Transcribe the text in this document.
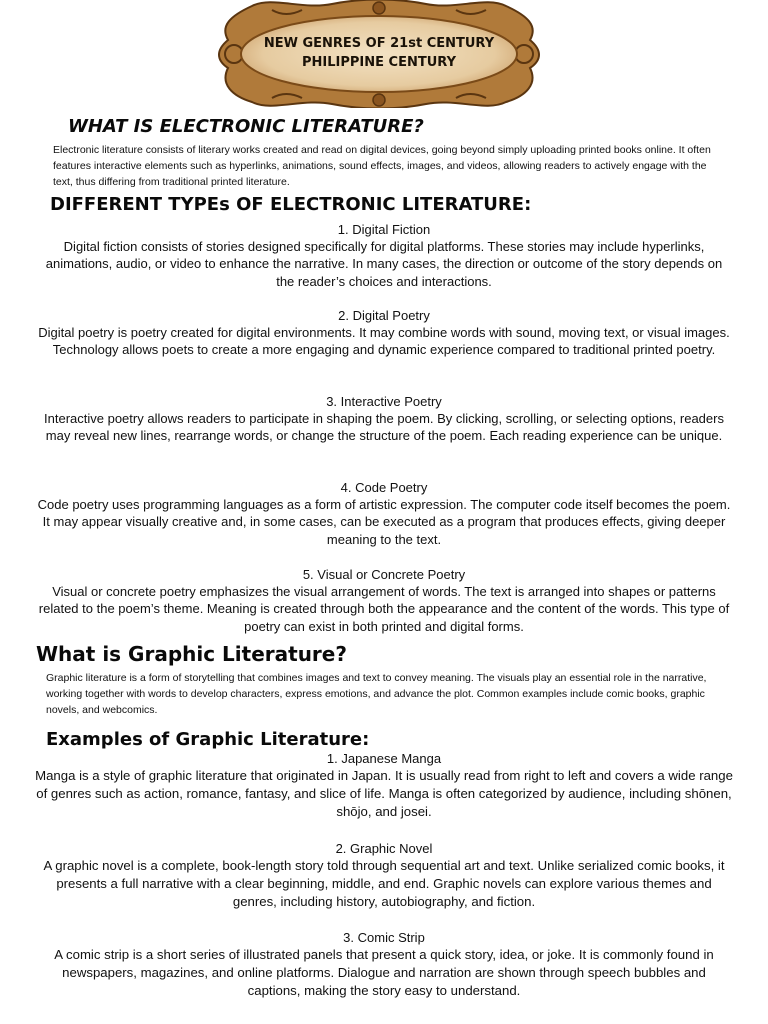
NEW GENRES OF 21st CENTURY
PHILIPPINE CENTURY
WHAT IS ELECTRONIC LITERATURE?

Electronic literature consists of literary works created and read on digital devices, going beyond simply uploading printed books online. It often features interactive elements such as hyperlinks, animations, sound effects, images, and videos, allowing readers to actively engage with the text, thus differing from traditional printed literature.

DIFFERENT TYPEs OF ELECTRONIC LITERATURE:

1. Digital Fiction

Digital fiction consists of stories designed specifically for digital platforms. These stories may include hyperlinks, animations, audio, or video to enhance the narrative. In many cases, the direction or outcome of the story depends on the reader’s choices and interactions.

2. Digital Poetry

Digital poetry is poetry created for digital environments. It may combine words with sound, moving text, or visual images. Technology allows poets to create a more engaging and dynamic experience compared to traditional printed poetry.

3. Interactive Poetry

Interactive poetry allows readers to participate in shaping the poem. By clicking, scrolling, or selecting options, readers may reveal new lines, rearrange words, or change the structure of the poem. Each reading experience can be unique.

4. Code Poetry

Code poetry uses programming languages as a form of artistic expression. The computer code itself becomes the poem. It may appear visually creative and, in some cases, can be executed as a program that produces effects, giving deeper meaning to the text.

5. Visual or Concrete Poetry

Visual or concrete poetry emphasizes the visual arrangement of words. The text is arranged into shapes or patterns related to the poem’s theme. Meaning is created through both the appearance and the content of the words. This type of poetry can exist in both printed and digital forms.

What is Graphic Literature?

Graphic literature is a form of storytelling that combines images and text to convey meaning. The visuals play an essential role in the narrative, working together with words to develop characters, express emotions, and advance the plot. Common examples include comic books, graphic novels, and webcomics.

Examples of Graphic Literature:

1. Japanese Manga

Manga is a style of graphic literature that originated in Japan. It is usually read from right to left and covers a wide range of genres such as action, romance, fantasy, and slice of life. Manga is often categorized by audience, including shōnen, shōjo, and josei.

2. Graphic Novel

A graphic novel is a complete, book-length story told through sequential art and text. Unlike serialized comic books, it presents a full narrative with a clear beginning, middle, and end. Graphic novels can explore various themes and genres, including history, autobiography, and fiction.

3. Comic Strip

A comic strip is a short series of illustrated panels that present a quick story, idea, or joke. It is commonly found in newspapers, magazines, and online platforms. Dialogue and narration are shown through speech bubbles and captions, making the story easy to understand.
